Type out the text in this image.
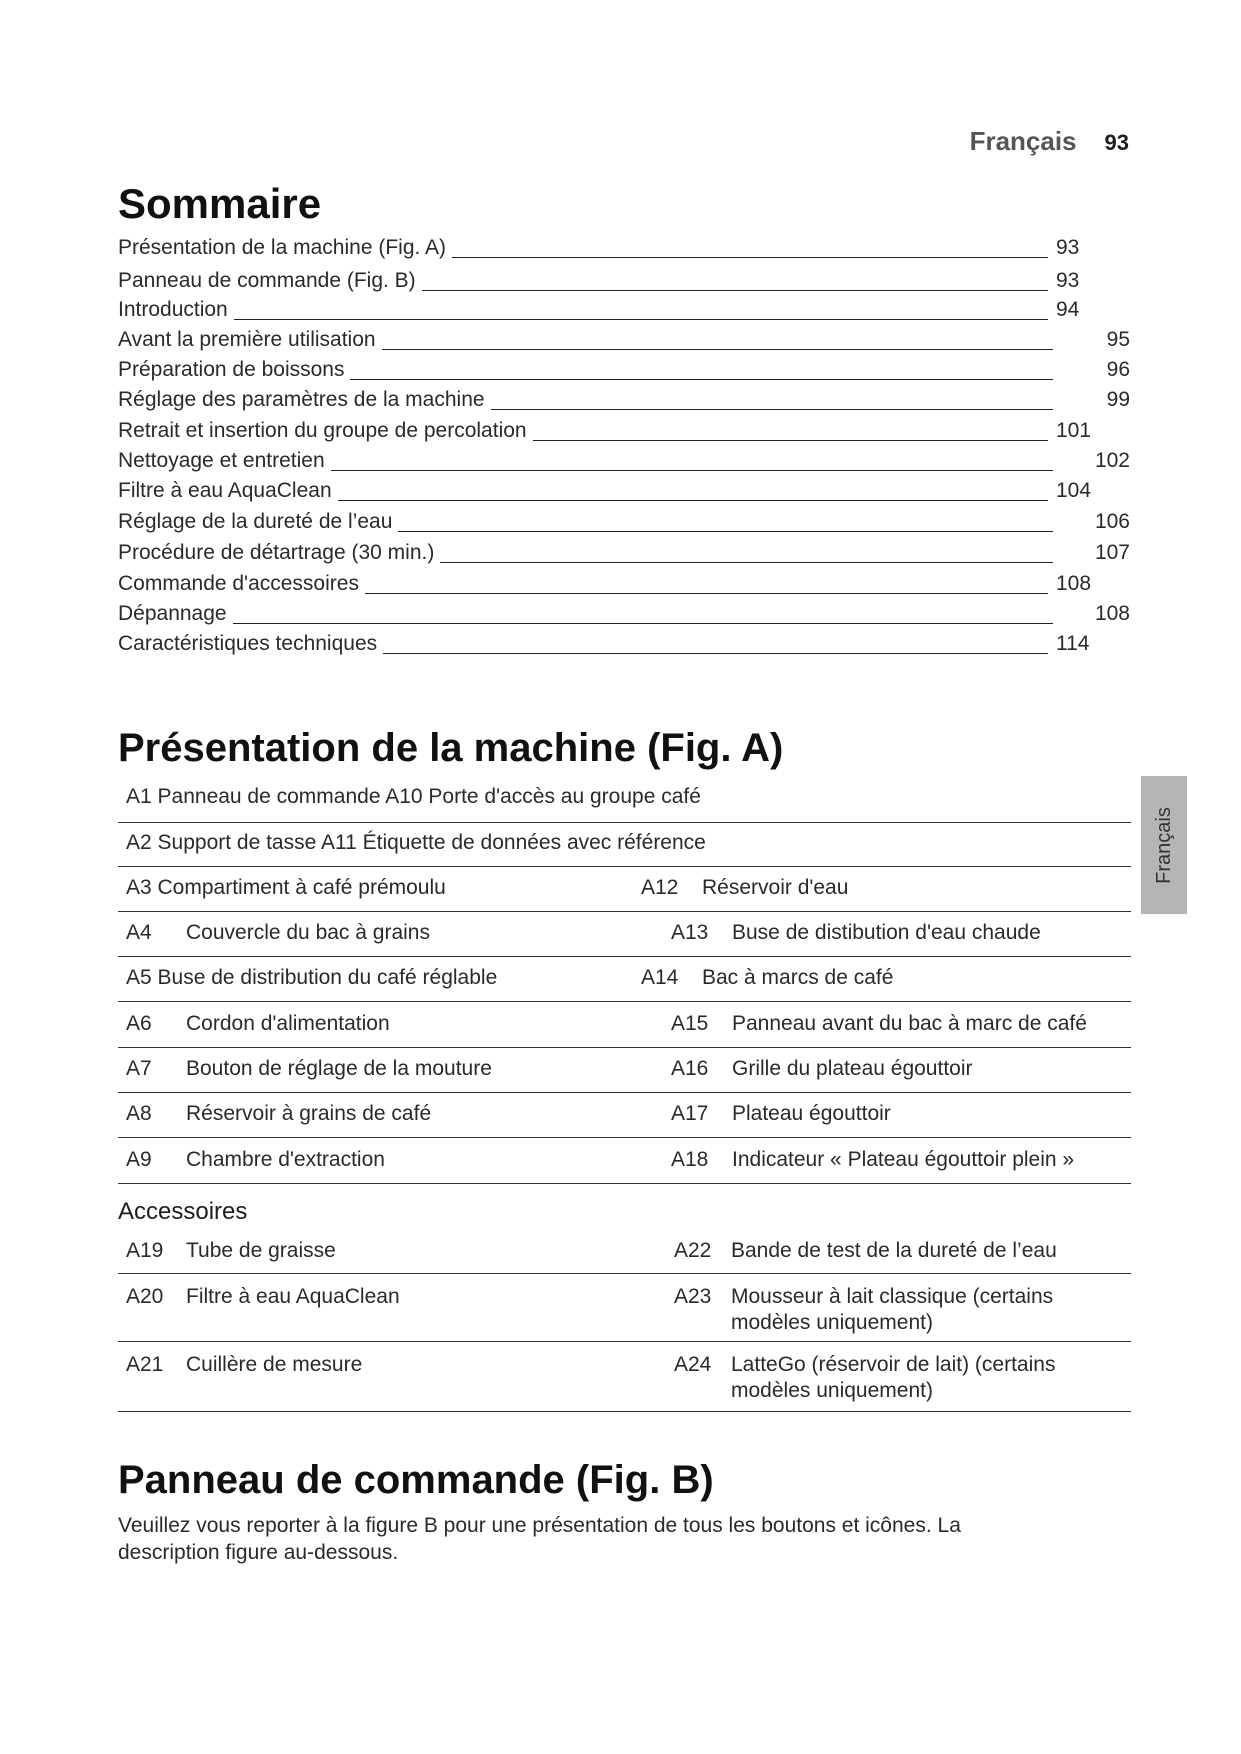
Français 93
Français
Sommaire
Présentation de la machine (Fig. A)	93
Panneau de commande (Fig. B)	93
Introduction	94
Avant la première utilisation	95
Préparation de boissons	96
Réglage des paramètres de la machine	99
Retrait et insertion du groupe de percolation	101
Nettoyage et entretien	102
Filtre à eau AquaClean	104
Réglage de la dureté de l’eau	106
Procédure de détartrage (30 min.)	107
Commande d'accessoires	108
Dépannage	108
Caractéristiques techniques	114
Présentation de la machine (Fig. A)
A1 Panneau de commande A10 Porte d'accès au groupe café
A2 Support de tasse A11 Étiquette de données avec référence
A3 Compartiment à café prémoulu	A12 Réservoir d'eau
A4 Couvercle du bac à grains	A13 Buse de distibution d'eau chaude
A5 Buse de distribution du café réglable	A14 Bac à marcs de café
A6 Cordon d'alimentation	A15 Panneau avant du bac à marc de café
A7 Bouton de réglage de la mouture	A16 Grille du plateau égouttoir
A8 Réservoir à grains de café	A17 Plateau égouttoir
A9 Chambre d'extraction	A18 Indicateur « Plateau égouttoir plein »
Accessoires
A19 Tube de graisse	A22 Bande de test de la dureté de l’eau
A20 Filtre à eau AquaClean	A23 Mousseur à lait classique (certains
modèles uniquement)
A21 Cuillère de mesure	A24 LatteGo (réservoir de lait) (certains
modèles uniquement)
Panneau de commande (Fig. B)
Veuillez vous reporter à la figure B pour une présentation de tous les boutons et icônes. La
description figure au-dessous.
